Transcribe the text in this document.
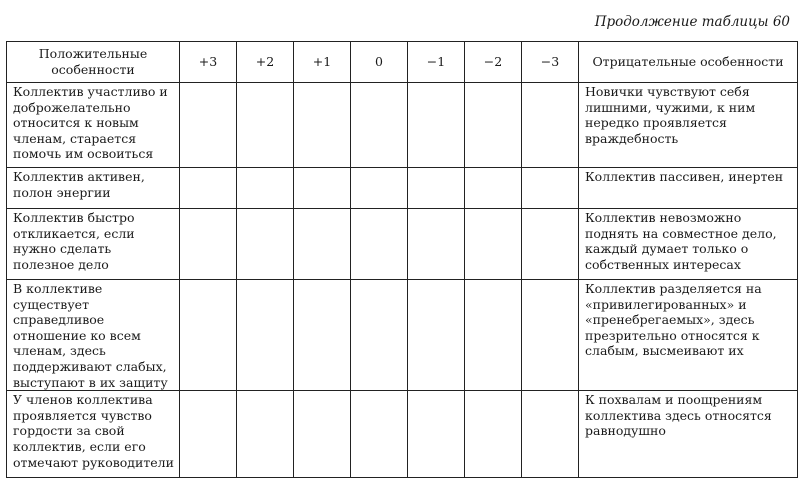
Продолжение таблицы 60
Положительные особенности	+3	+2	+1	0	−1	−2	−3	Отрицательные особенности
Коллектив участливо и доброжелательно относится к новым членам, старается помочь им освоиться								Новички чувствуют себя лишними, чужими, к ним нередко проявляется враждебность
Коллектив активен, полон энергии								Коллектив пассивен, инертен
Коллектив быстро откликается, если нужно сделать полезное дело								Коллектив невозможно поднять на совместное дело, каждый думает только о собственных интересах
В коллективе существует справедливое отношение ко всем членам, здесь поддерживают слабых, выступают в их защиту								Коллектив разделяется на «привилегированных» и «пренебрегаемых», здесь презрительно относятся к слабым, высмеивают их
У членов коллектива проявляется чувство гордости за свой коллектив, если его отмечают руководители								К похвалам и поощрениям коллектива здесь относятся равнодушно
